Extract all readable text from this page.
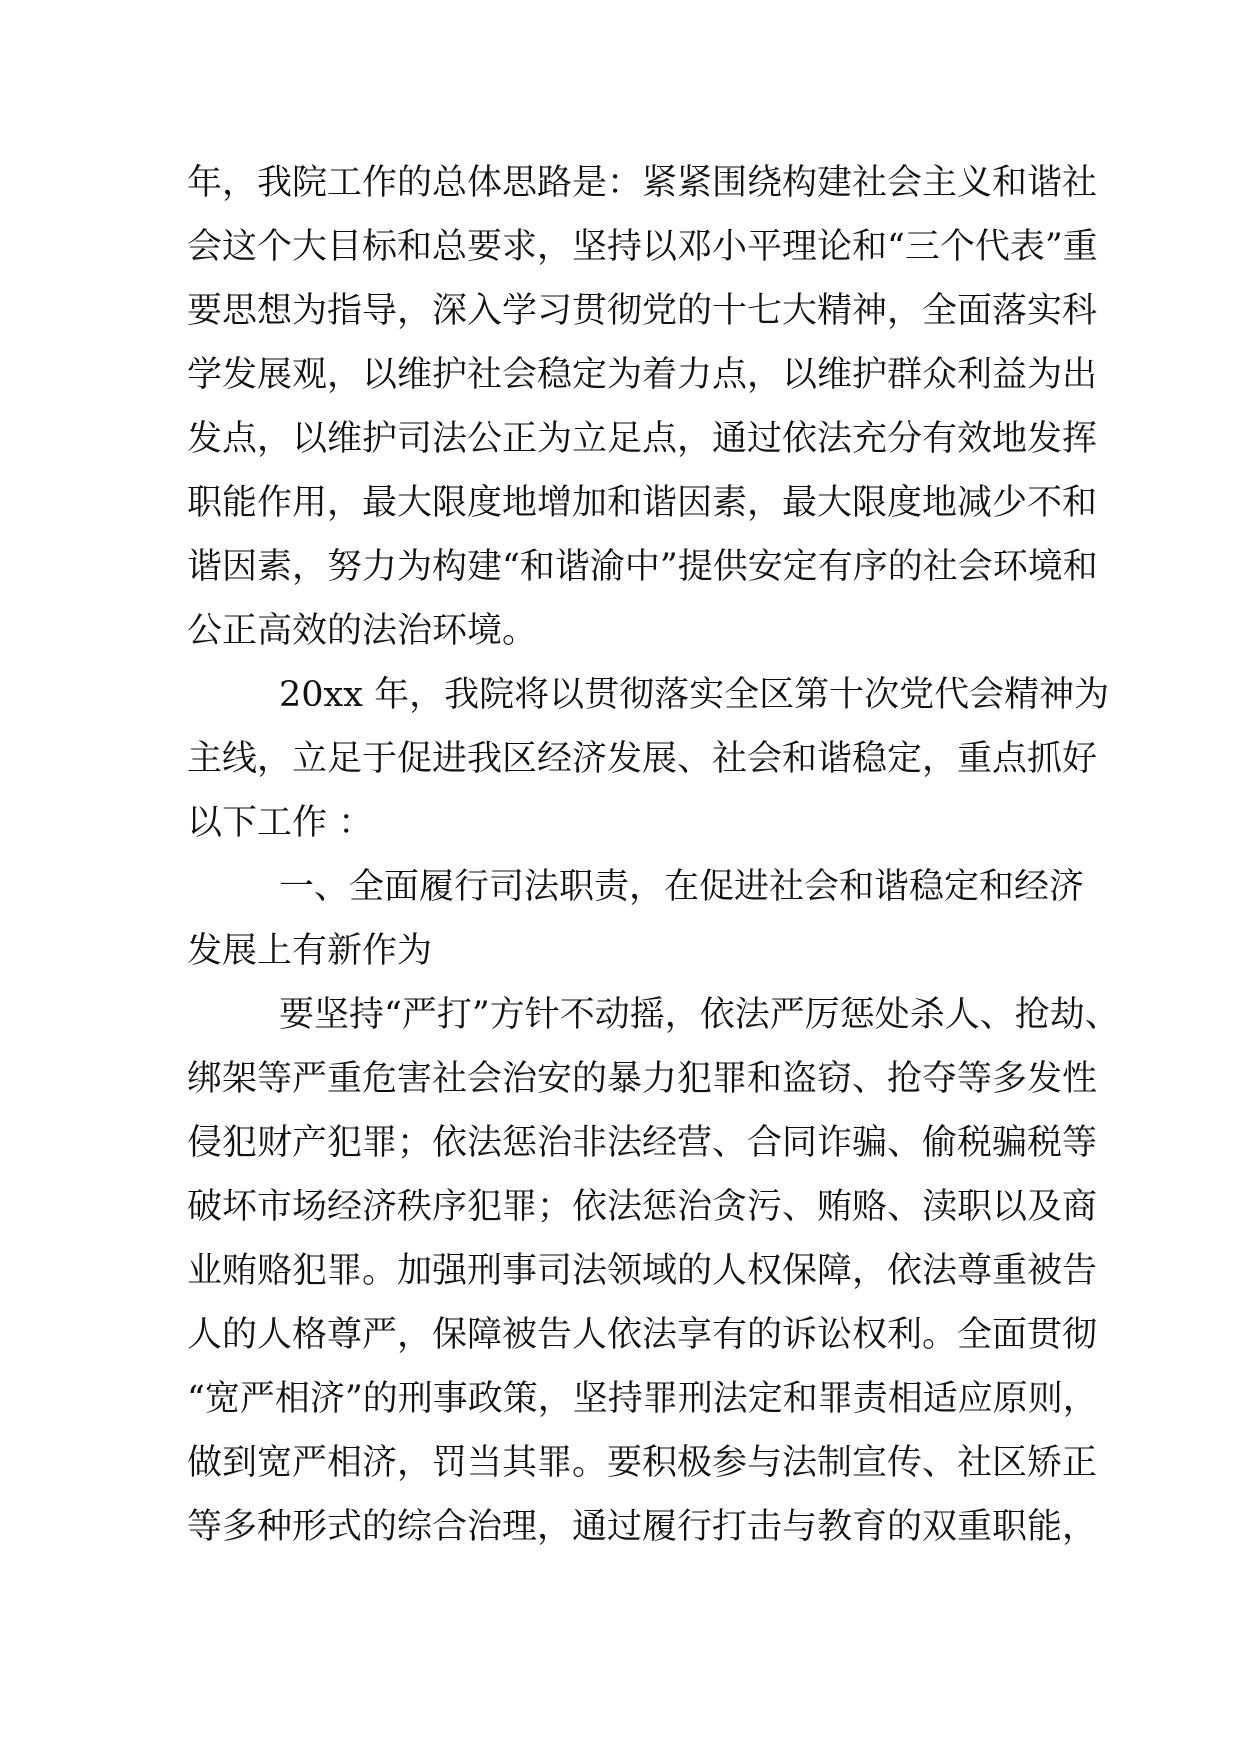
年，我院工作的总体思路是：紧紧围绕构建社会主义和谐社
会这个大目标和总要求，坚持以邓小平理论和“三个代表”重
要思想为指导，深入学习贯彻党的十七大精神，全面落实科
学发展观，以维护社会稳定为着力点，以维护群众利益为出
发点，以维护司法公正为立足点，通过依法充分有效地发挥
职能作用，最大限度地增加和谐因素，最大限度地减少不和
谐因素，努力为构建“和谐渝中”提供安定有序的社会环境和
公正高效的法治环境。
20xx 年，我院将以贯彻落实全区第十次党代会精神为
主线，立足于促进我区经济发展、社会和谐稳定，重点抓好
以下工作 ：
一、全面履行司法职责，在促进社会和谐稳定和经济
发展上有新作为
要坚持“严打”方针不动摇，依法严厉惩处杀人、抢劫、
绑架等严重危害社会治安的暴力犯罪和盗窃、抢夺等多发性
侵犯财产犯罪；依法惩治非法经营、合同诈骗、偷税骗税等
破坏市场经济秩序犯罪；依法惩治贪污、贿赂、渎职以及商
业贿赂犯罪。加强刑事司法领域的人权保障，依法尊重被告
人的人格尊严，保障被告人依法享有的诉讼权利。全面贯彻
“宽严相济”的刑事政策，坚持罪刑法定和罪责相适应原则，
做到宽严相济，罚当其罪。要积极参与法制宣传、社区矫正
等多种形式的综合治理，通过履行打击与教育的双重职能，
